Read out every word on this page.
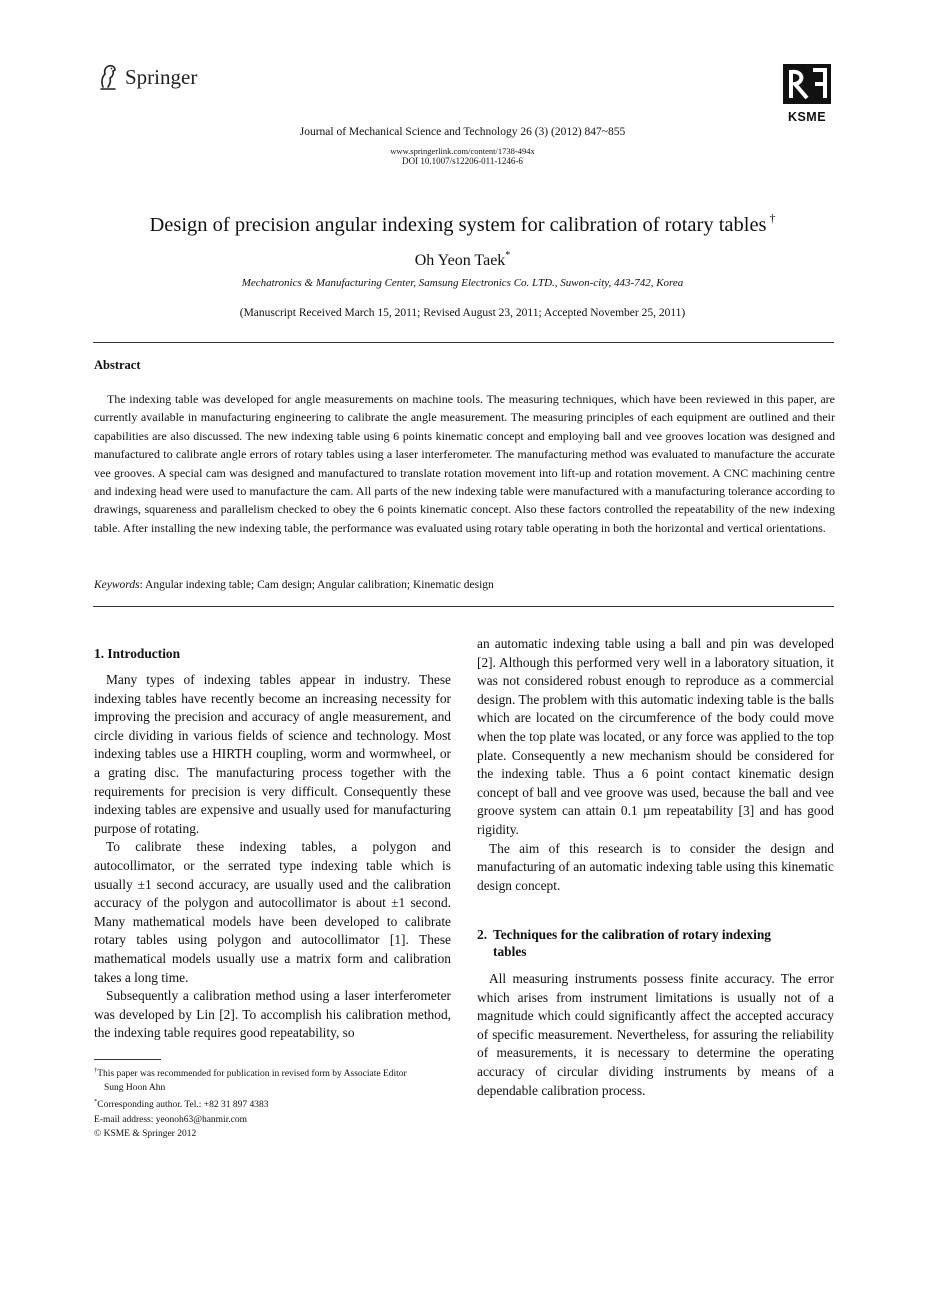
Springer
KSME
Journal of Mechanical Science and Technology 26 (3) (2012) 847~855
www.springerlink.com/content/1738-494x
DOI 10.1007/s12206-011-1246-6
Design of precision angular indexing system for calibration of rotary tables †
Oh Yeon Taek*
Mechatronics & Manufacturing Center, Samsung Electronics Co. LTD., Suwon-city, 443-742, Korea
(Manuscript Received March 15, 2011; Revised August 23, 2011; Accepted November 25, 2011)
Abstract
The indexing table was developed for angle measurements on machine tools. The measuring techniques, which have been reviewed in this paper, are currently available in manufacturing engineering to calibrate the angle measurement. The measuring principles of each equipment are outlined and their capabilities are also discussed. The new indexing table using 6 points kinematic concept and employing ball and vee grooves location was designed and manufactured to calibrate angle errors of rotary tables using a laser interferometer. The manufacturing method was evaluated to manufacture the accurate vee grooves. A special cam was designed and manufactured to translate rotation movement into lift-up and rotation movement. A CNC machining centre and indexing head were used to manufacture the cam. All parts of the new indexing table were manufactured with a manufacturing tolerance according to drawings, squareness and parallelism checked to obey the 6 points kinematic concept. Also these factors controlled the repeatability of the new indexing table. After installing the new indexing table, the performance was evaluated using rotary table operating in both the horizontal and vertical orientations.
Keywords: Angular indexing table; Cam design; Angular calibration; Kinematic design
1. Introduction

Many types of indexing tables appear in industry. These indexing tables have recently become an increasing necessity for improving the precision and accuracy of angle measurement, and circle dividing in various fields of science and technology. Most indexing tables use a HIRTH coupling, worm and wormwheel, or a grating disc. The manufacturing process together with the requirements for precision is very difficult. Consequently these indexing tables are expensive and usually used for manufacturing purpose of rotating.

To calibrate these indexing tables, a polygon and autocollimator, or the serrated type indexing table which is usually ±1 second accuracy, are usually used and the calibration accuracy of the polygon and autocollimator is about ±1 second. Many mathematical models have been developed to calibrate rotary tables using polygon and autocollimator [1]. These mathematical models usually use a matrix form and calibration takes a long time.

Subsequently a calibration method using a laser interferometer was developed by Lin [2]. To accomplish his calibration method, the indexing table requires good repeatability, so

an automatic indexing table using a ball and pin was developed [2]. Although this performed very well in a laboratory situation, it was not considered robust enough to reproduce as a commercial design. The problem with this automatic indexing table is the balls which are located on the circumference of the body could move when the top plate was located, or any force was applied to the top plate. Consequently a new mechanism should be considered for the indexing table. Thus a 6 point contact kinematic design concept of ball and vee groove was used, because the ball and vee groove system can attain 0.1 µm repeatability [3] and has good rigidity.

The aim of this research is to consider the design and manufacturing of an automatic indexing table using this kinematic design concept.

2. Techniques for the calibration of rotary indexing
tables

All measuring instruments possess finite accuracy. The error which arises from instrument limitations is usually not of a magnitude which could significantly affect the accepted accuracy of specific measurement. Nevertheless, for assuring the reliability of measurements, it is necessary to determine the operating accuracy of circular dividing instruments by means of a dependable calibration process.

†This paper was recommended for publication in revised form by Associate Editor

Sung Hoon Ahn

*Corresponding author. Tel.: +82 31 897 4383

E-mail address: yeonoh63@hanmir.com

© KSME & Springer 2012
